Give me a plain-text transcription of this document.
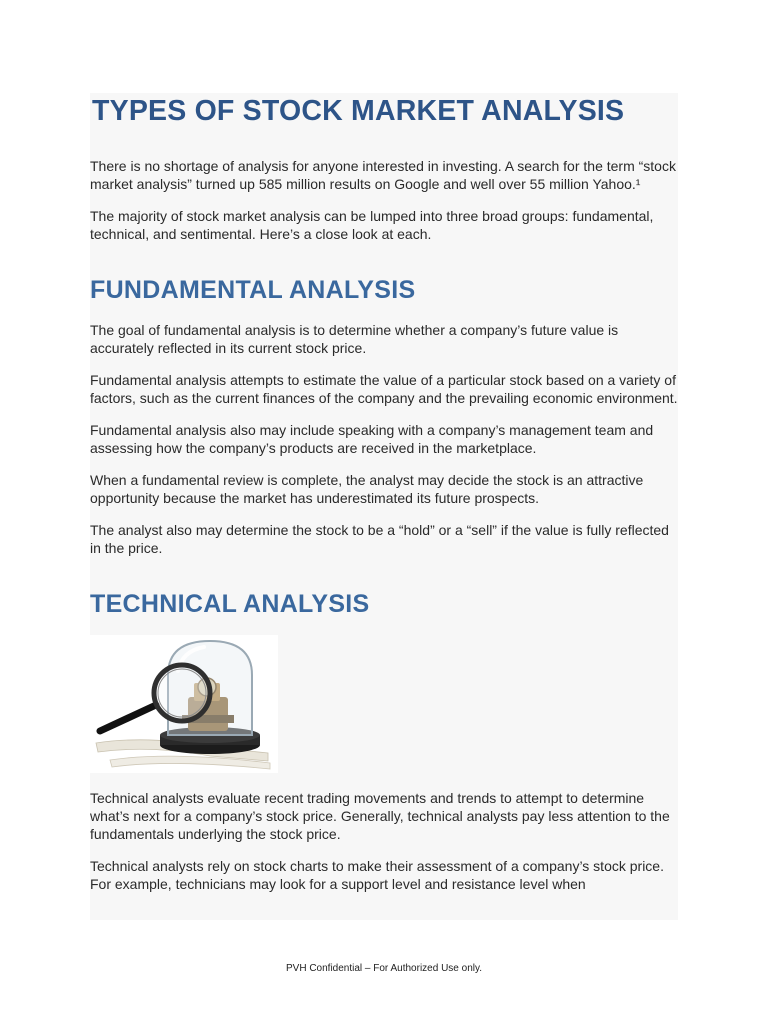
TYPES OF STOCK MARKET ANALYSIS

There is no shortage of analysis for anyone interested in investing. A search for the term “stock market analysis” turned up 585 million results on Google and well over 55 million Yahoo.¹

The majority of stock market analysis can be lumped into three broad groups: fundamental, technical, and sentimental. Here’s a close look at each.

FUNDAMENTAL ANALYSIS

The goal of fundamental analysis is to determine whether a company’s future value is accurately reflected in its current stock price.

Fundamental analysis attempts to estimate the value of a particular stock based on a variety of factors, such as the current finances of the company and the prevailing economic environment.

Fundamental analysis also may include speaking with a company’s management team and assessing how the company’s products are received in the marketplace.

When a fundamental review is complete, the analyst may decide the stock is an attractive opportunity because the market has underestimated its future prospects.

The analyst also may determine the stock to be a “hold” or a “sell” if the value is fully reflected in the price.

TECHNICAL ANALYSIS

Technical analysts evaluate recent trading movements and trends to attempt to determine what’s next for a company’s stock price. Generally, technical analysts pay less attention to the fundamentals underlying the stock price.

Technical analysts rely on stock charts to make their assessment of a company’s stock price. For example, technicians may look for a support level and resistance level when

PVH Confidential – For Authorized Use only.
